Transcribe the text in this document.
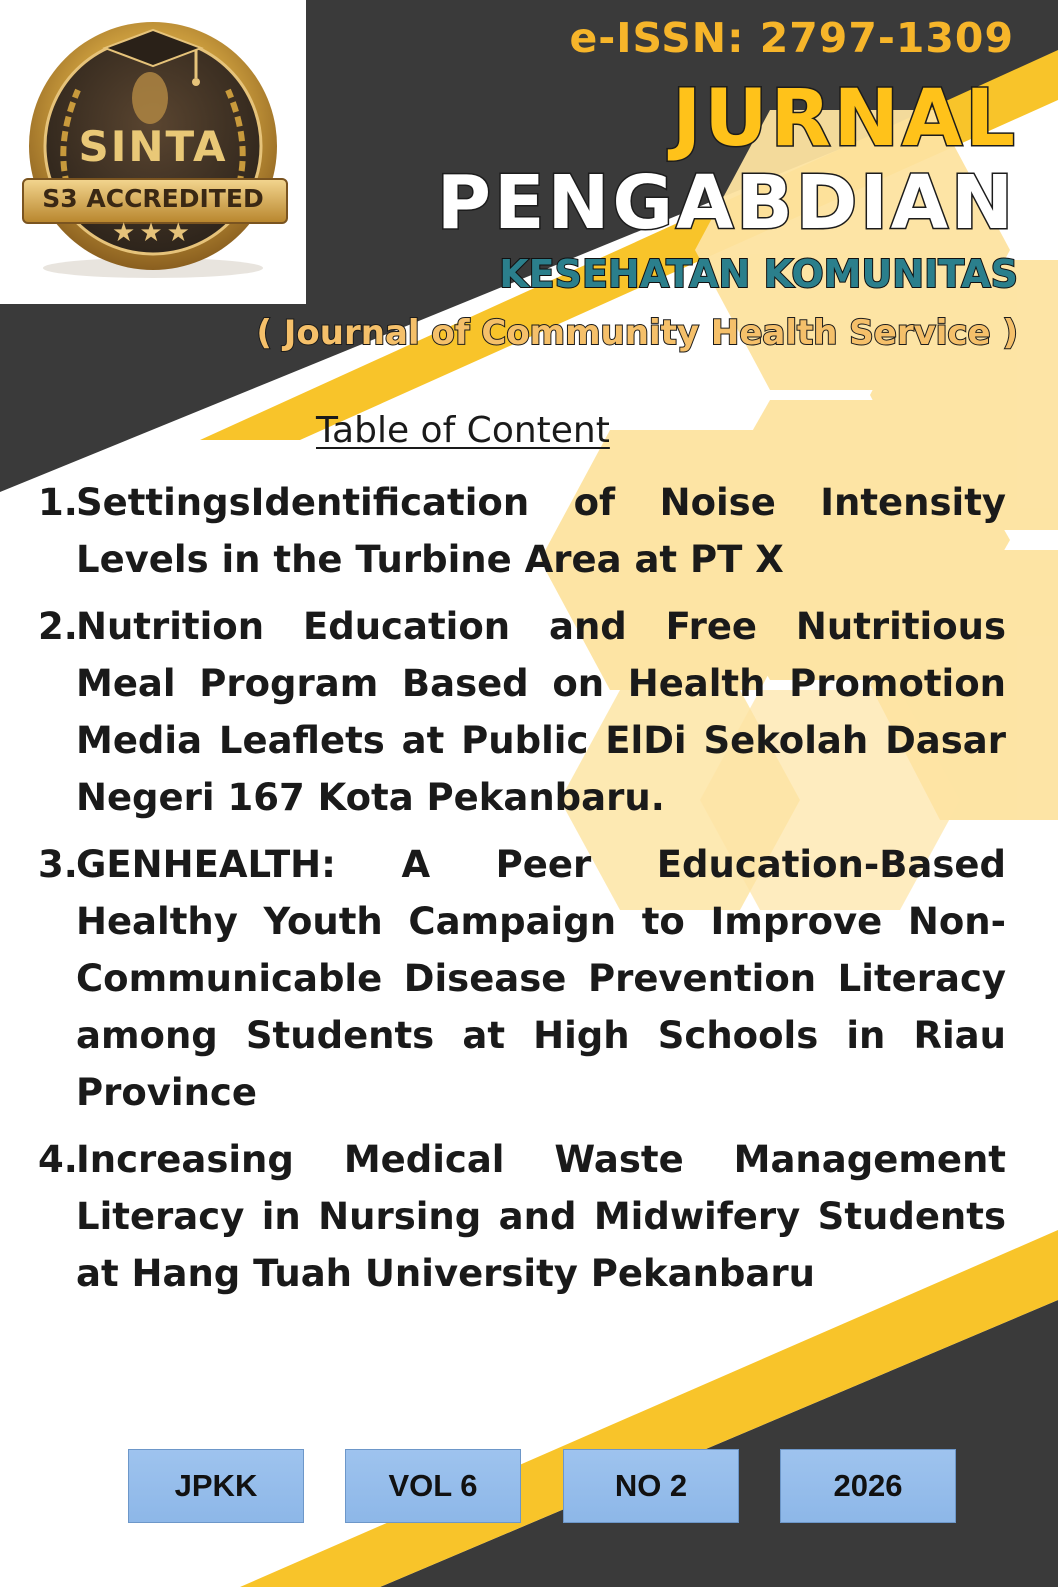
SINTA
S3 ACCREDITED
★★★
e-ISSN: 2797-1309
JURNAL
PENGABDIAN
KESEHATAN KOMUNITAS
( Journal of Community Health Service )
Table of Content
1.
SettingsIdentification of Noise Intensity Levels in the Turbine Area at PT X
2.
Nutrition Education and Free Nutritious Meal Program Based on Health Promotion Media Leaflets at Public ElDi Sekolah Dasar Negeri 167 Kota Pekanbaru.
3.
GENHEALTH: A Peer Education-Based Healthy Youth Campaign to Improve Non-Communicable Disease Prevention Literacy among Students at High Schools in Riau Province
4.
Increasing Medical Waste Management Literacy in Nursing and Midwifery Students at Hang Tuah University Pekanbaru
JPKK	VOL 6	NO 2	2026
